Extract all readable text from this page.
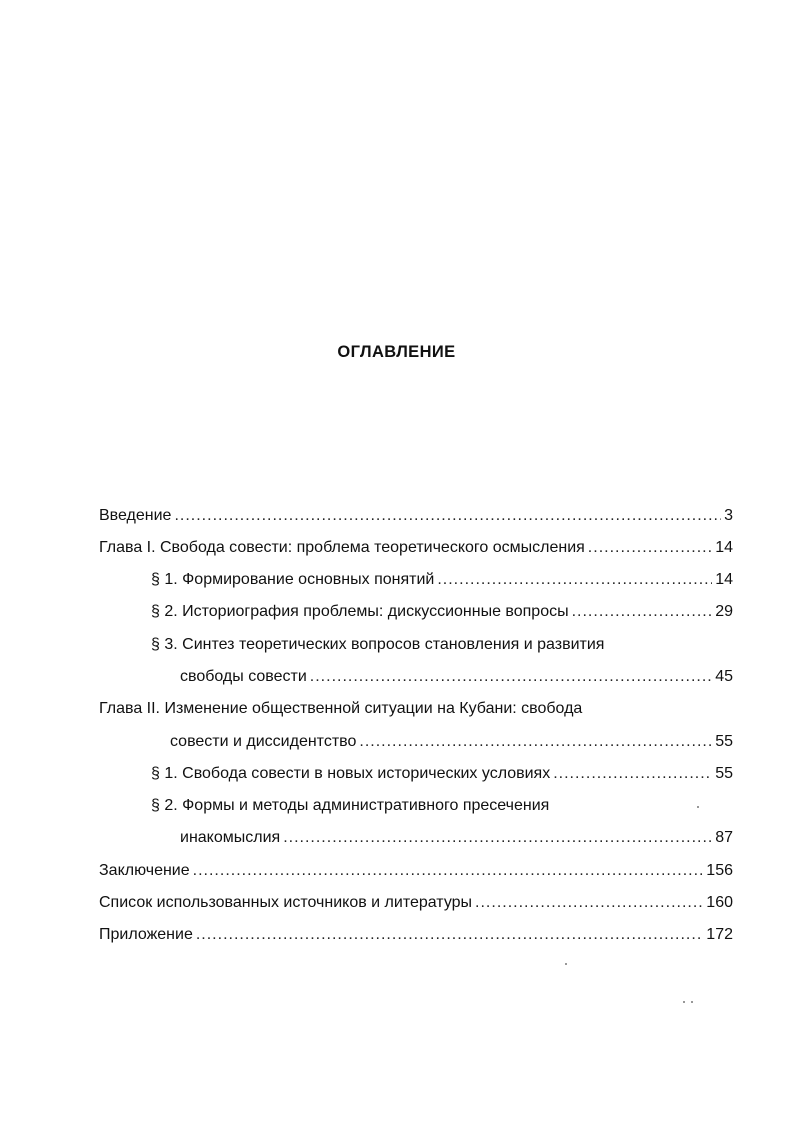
ОГЛАВЛЕНИЕ
Введение .....	3
Глава I. Свобода совести: проблема теоретического осмысления .....	14
§ 1. Формирование основных понятий .....	14
§ 2. Историография проблемы: дискуссионные вопросы .....	29
§ 3. Синтез теоретических вопросов становления и развития
свободы совести .....	45
Глава II. Изменение общественной ситуации на Кубани: свобода
совести и диссидентство .....	55
§ 1. Свобода совести в новых исторических условиях .....	55
§ 2. Формы и методы административного пресечения
инакомыслия .....	87
Заключение .....	156
Список использованных источников и литературы .....	160
Приложение .....	172
